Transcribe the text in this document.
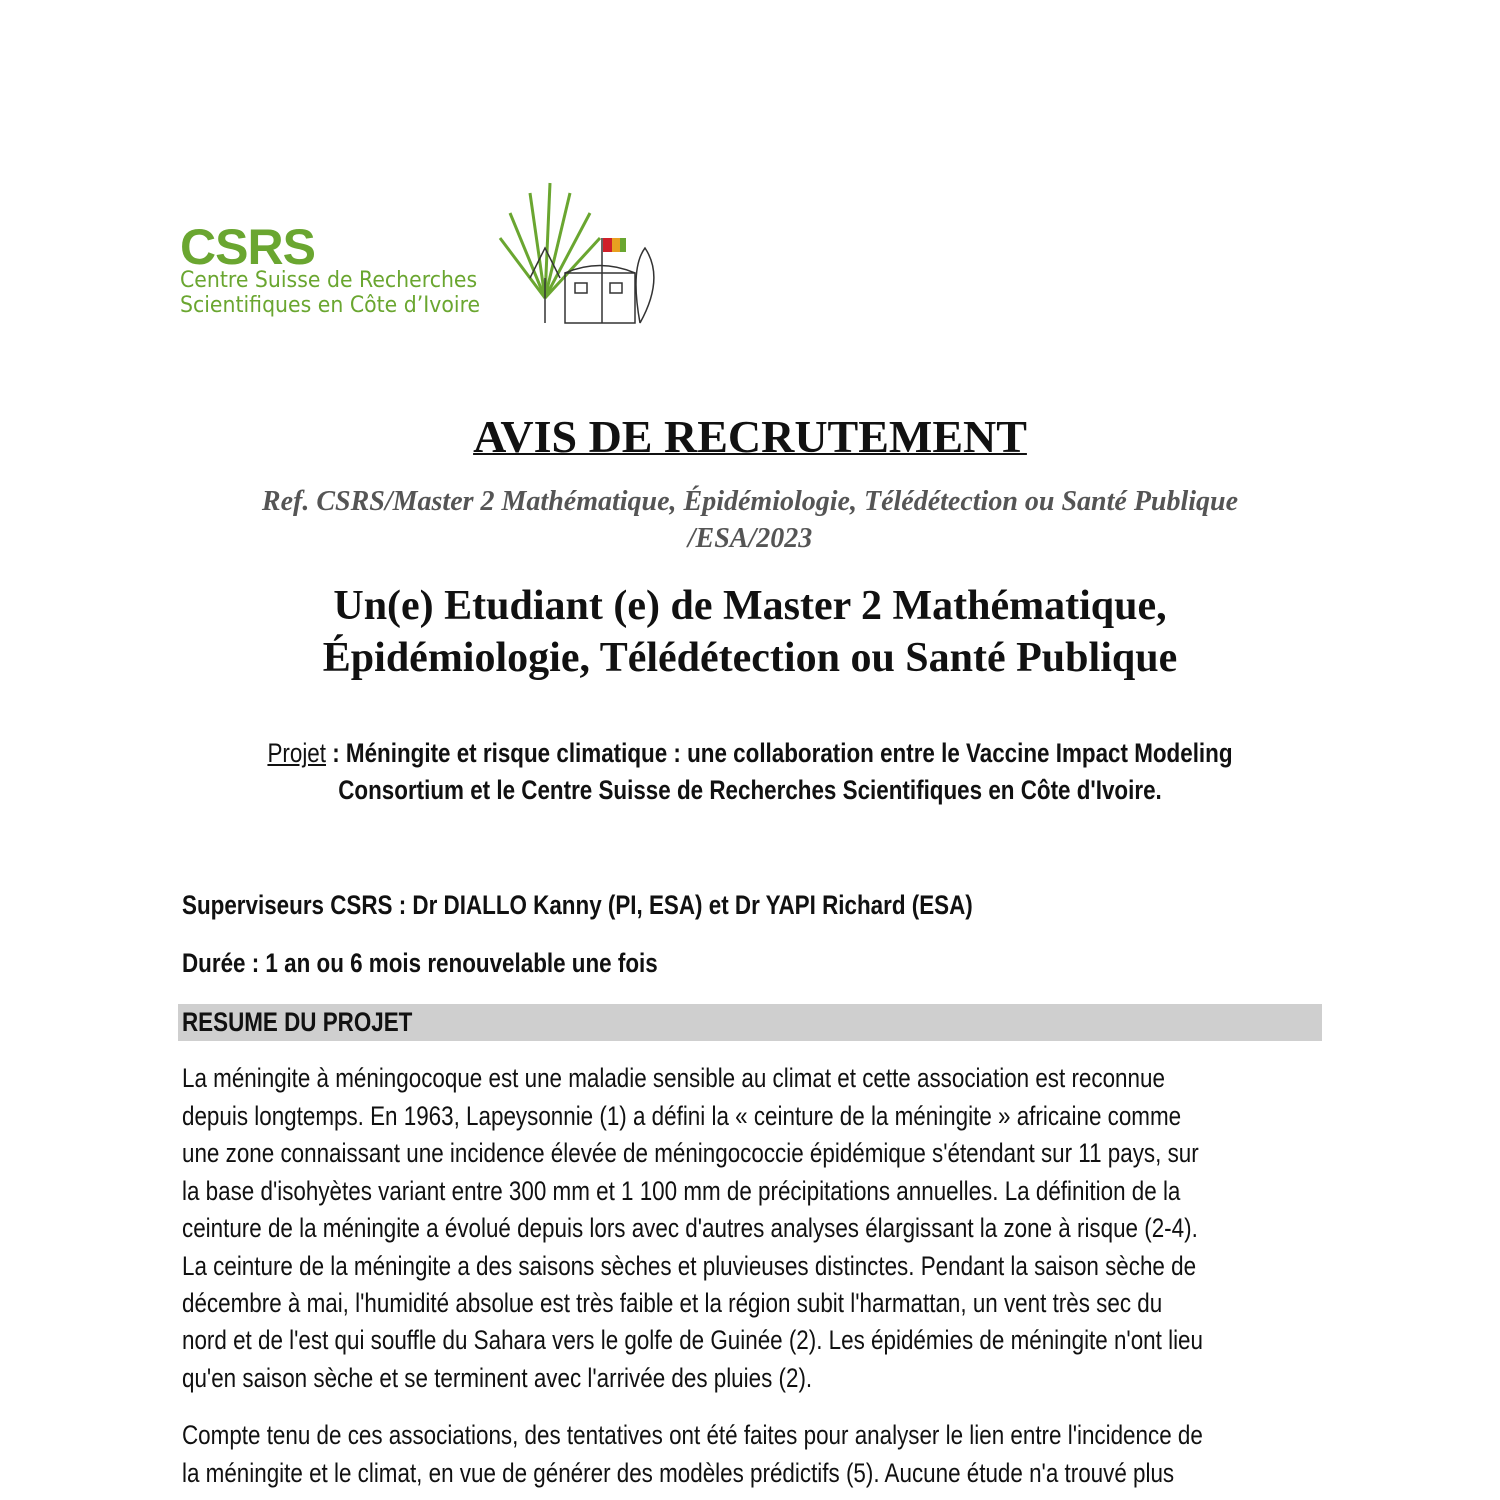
CSRS
Centre Suisse de Recherches
Scientifiques en Côte d’Ivoire
AVIS DE RECRUTEMENT
Ref. CSRS/Master 2 Mathématique, Épidémiologie, Télédétection ou Santé Publique
/ESA/2023
Un(e) Etudiant (e) de Master 2 Mathématique,
Épidémiologie, Télédétection ou Santé Publique
Projet : Méningite et risque climatique : une collaboration entre le Vaccine Impact Modeling
Consortium et le Centre Suisse de Recherches Scientifiques en Côte d'Ivoire.
Superviseurs CSRS : Dr DIALLO Kanny (PI, ESA) et Dr YAPI Richard (ESA)
Durée : 1 an ou 6 mois renouvelable une fois
RESUME DU PROJET
La méningite à méningocoque est une maladie sensible au climat et cette association est reconnue
depuis longtemps. En 1963, Lapeysonnie (1) a défini la « ceinture de la méningite » africaine comme
une zone connaissant une incidence élevée de méningococcie épidémique s'étendant sur 11 pays, sur
la base d'isohyètes variant entre 300 mm et 1 100 mm de précipitations annuelles. La définition de la
ceinture de la méningite a évolué depuis lors avec d'autres analyses élargissant la zone à risque (2-4).
La ceinture de la méningite a des saisons sèches et pluvieuses distinctes. Pendant la saison sèche de
décembre à mai, l'humidité absolue est très faible et la région subit l'harmattan, un vent très sec du
nord et de l'est qui souffle du Sahara vers le golfe de Guinée (2). Les épidémies de méningite n'ont lieu
qu'en saison sèche et se terminent avec l'arrivée des pluies (2).
Compte tenu de ces associations, des tentatives ont été faites pour analyser le lien entre l'incidence de
la méningite et le climat, en vue de générer des modèles prédictifs (5). Aucune étude n'a trouvé plus
